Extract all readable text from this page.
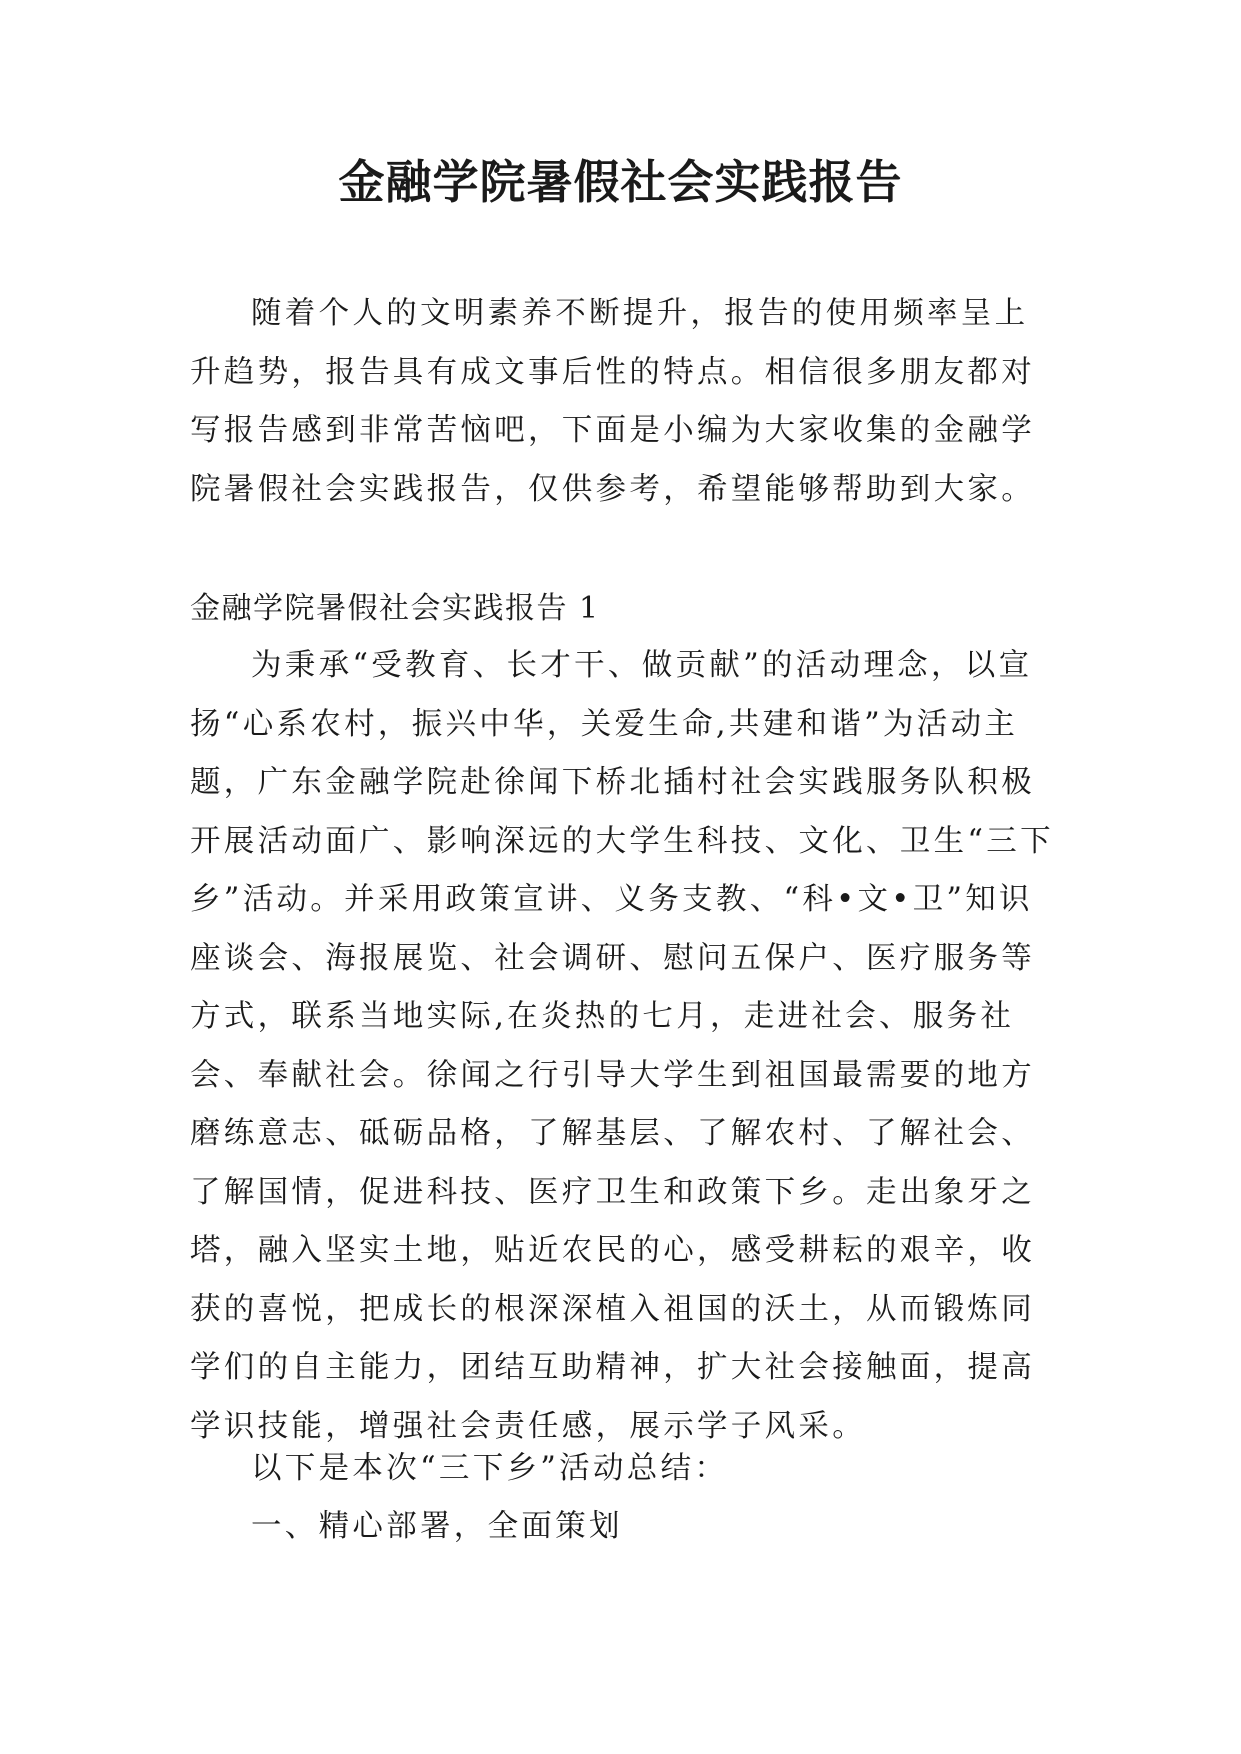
金融学院暑假社会实践报告

随着个人的文明素养不断提升，报告的使用频率呈上升趋势，报告具有成文事后性的特点。相信很多朋友都对写报告感到非常苦恼吧，下面是小编为大家收集的金融学院暑假社会实践报告，仅供参考，希望能够帮助到大家。

金融学院暑假社会实践报告 1

为秉承“受教育、长才干、做贡献”的活动理念，以宣扬“心系农村，振兴中华，关爱生命,共建和谐”为活动主题，广东金融学院赴徐闻下桥北插村社会实践服务队积极开展活动面广、影响深远的大学生科技、文化、卫生“三下乡”活动。并采用政策宣讲、义务支教、“科•文•卫”知识座谈会、海报展览、社会调研、慰问五保户、医疗服务等方式，联系当地实际,在炎热的七月，走进社会、服务社会、奉献社会。徐闻之行引导大学生到祖国最需要的地方磨练意志、砥砺品格，了解基层、了解农村、了解社会、了解国情，促进科技、医疗卫生和政策下乡。走出象牙之塔，融入坚实土地，贴近农民的心，感受耕耘的艰辛，收获的喜悦，把成长的根深深植入祖国的沃土，从而锻炼同学们的自主能力，团结互助精神，扩大社会接触面，提高学识技能，增强社会责任感，展示学子风采。

以下是本次“三下乡”活动总结：

一、精心部署，全面策划
